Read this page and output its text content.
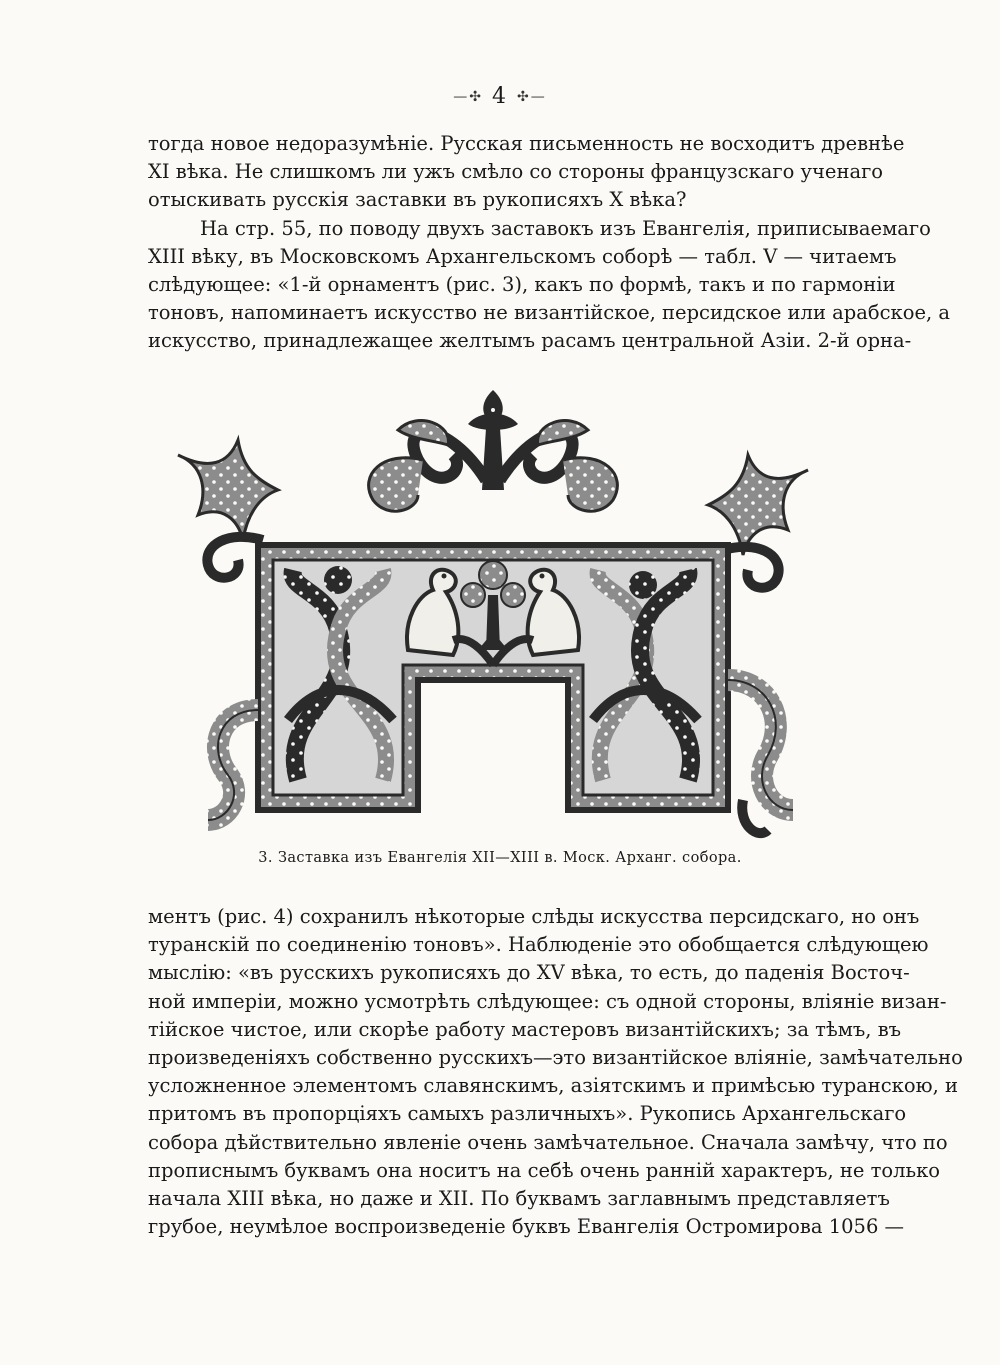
—✣ 4 ✣—
тогда новое недоразумѣніе. Русская письменность не восходитъ древнѣе
XI вѣка. Не слишкомъ ли ужъ смѣло со стороны французскаго ученаго
отыскивать русскія заставки въ рукописяхъ X вѣка?
На стр. 55, по поводу двухъ заставокъ изъ Евангелія, приписываемаго
XIII вѣку, въ Московскомъ Архангельскомъ соборѣ — табл. V — читаемъ
слѣдующее: «1-й орнаментъ (рис. 3), какъ по формѣ, такъ и по гармоніи
тоновъ, напоминаетъ искусство не византійское, персидское или арабское, а
искусство, принадлежащее желтымъ расамъ центральной Азіи. 2-й орна-
3. Заставка изъ Евангелія XII—XIII в. Моск. Арханг. собора.
ментъ (рис. 4) сохранилъ нѣкоторые слѣды искусства персидскаго, но онъ
туранскій по соединенію тоновъ». Наблюденіе это обобщается слѣдующею
мыслію: «въ русскихъ рукописяхъ до XV вѣка, то есть, до паденія Восточ-
ной имперіи, можно усмотрѣть слѣдующее: съ одной стороны, вліяніе визан-
тійское чистое, или скорѣе работу мастеровъ византійскихъ; за тѣмъ, въ
произведеніяхъ собственно русскихъ—это византійское вліяніе, замѣчательно
усложненное элементомъ славянскимъ, азіятскимъ и примѣсью туранскою, и
притомъ въ пропорціяхъ самыхъ различныхъ». Рукопись Архангельскаго
собора дѣйствительно явленіе очень замѣчательное. Сначала замѣчу, что по
прописнымъ буквамъ она носитъ на себѣ очень ранній характеръ, не только
начала XIII вѣка, но даже и XII. По буквамъ заглавнымъ представляетъ
грубое, неумѣлое воспроизведеніе буквъ Евангелія Остромирова 1056 —
